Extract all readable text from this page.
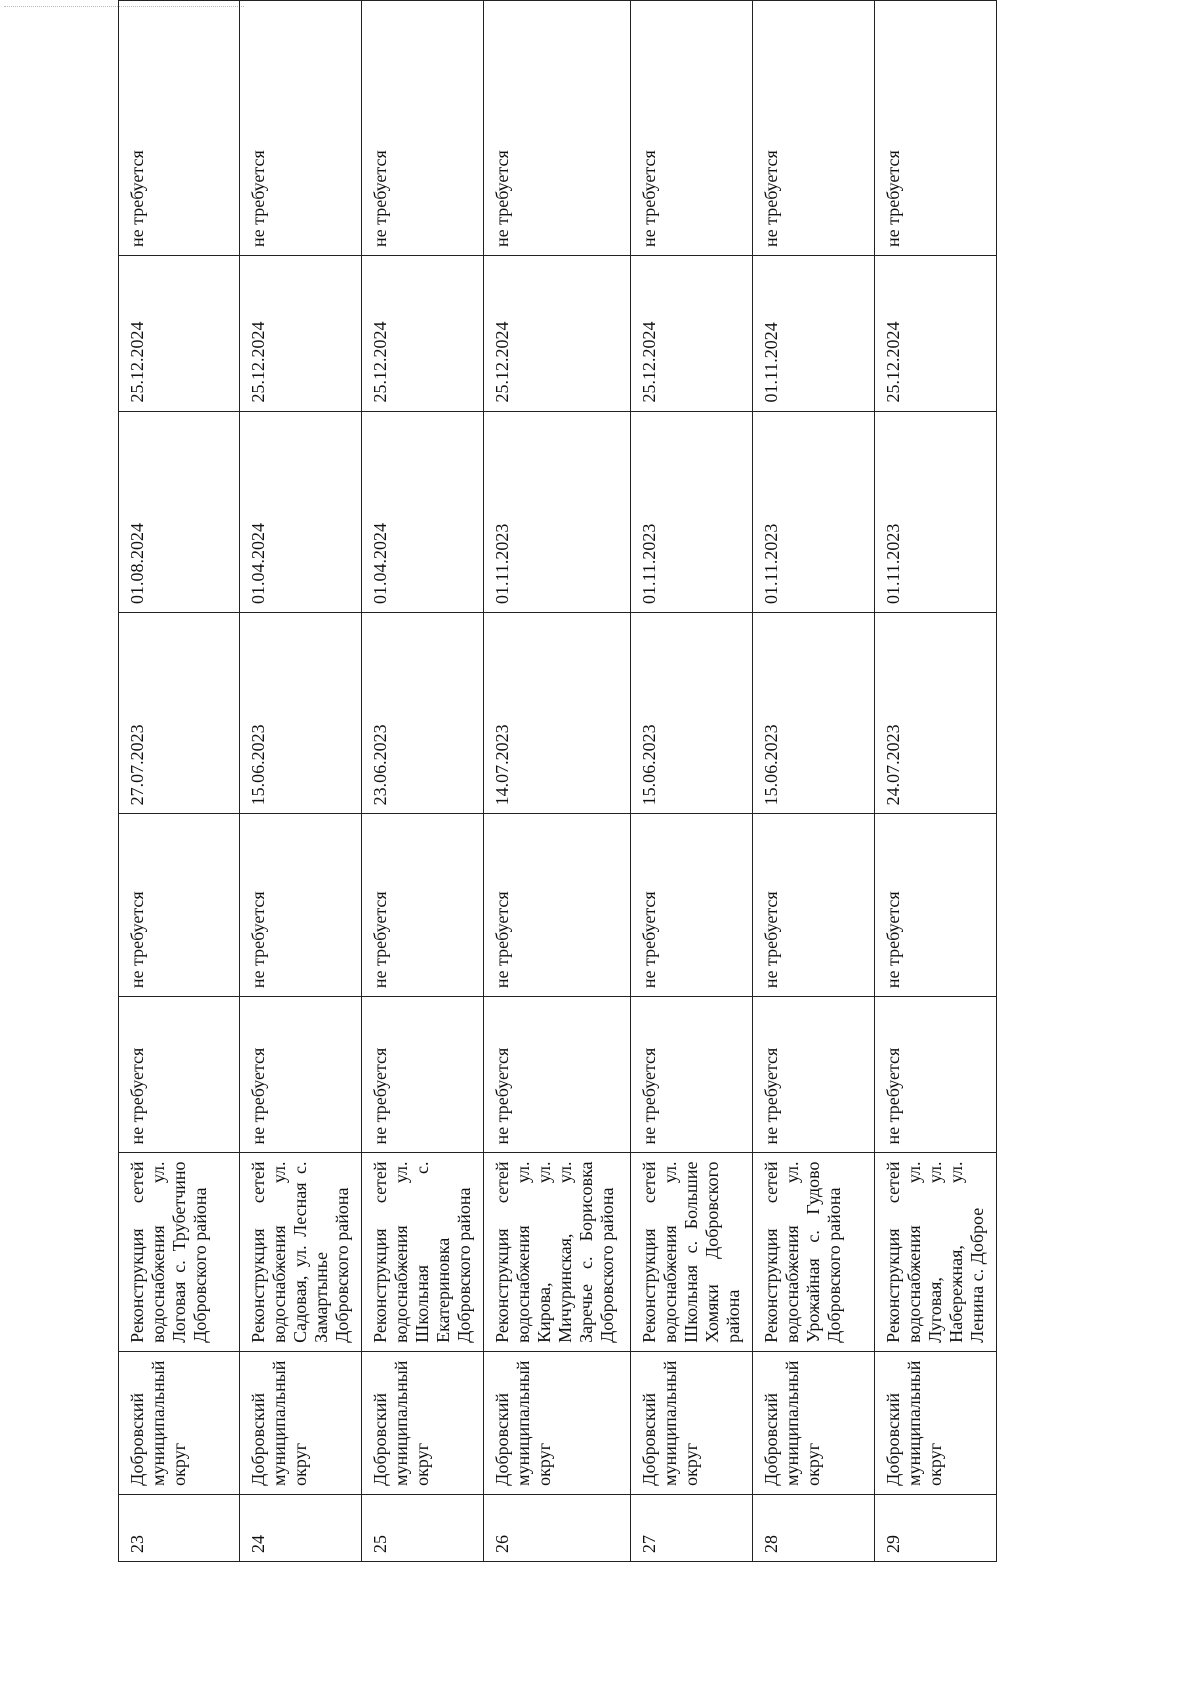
23	Добровский муниципальный округ	Реконструкция сетей водоснабжения ул. Логовая с. Трубетчино Добровского района	не требуется	не требуется	27.07.2023	01.08.2024	25.12.2024	не требуется
24	Добровский муниципальный округ	Реконструкция сетей водоснабжения ул. Садовая, ул. Лесная с. Замартынье Добровского района	не требуется	не требуется	15.06.2023	01.04.2024	25.12.2024	не требуется
25	Добровский муниципальный округ	Реконструкция сетей водоснабжения ул. Школьная с. Екатериновка Добровского района	не требуется	не требуется	23.06.2023	01.04.2024	25.12.2024	не требуется
26	Добровский муниципальный округ	Реконструкция сетей водоснабжения ул. Кирова, ул. Мичуринская, ул. Заречье с. Борисовка Добровского района	не требуется	не требуется	14.07.2023	01.11.2023	25.12.2024	не требуется
27	Добровский муниципальный округ	Реконструкция сетей водоснабжения ул. Школьная с. Большие Хомяки Добровского района	не требуется	не требуется	15.06.2023	01.11.2023	25.12.2024	не требуется
28	Добровский муниципальный округ	Реконструкция сетей водоснабжения ул. Урожайная с. Гудово Добровского района	не требуется	не требуется	15.06.2023	01.11.2023	01.11.2024	не требуется
29	Добровский муниципальный округ	Реконструкция сетей водоснабжения ул. Луговая, ул. Набережная, ул. Ленина с. Доброе	не требуется	не требуется	24.07.2023	01.11.2023	25.12.2024	не требуется
